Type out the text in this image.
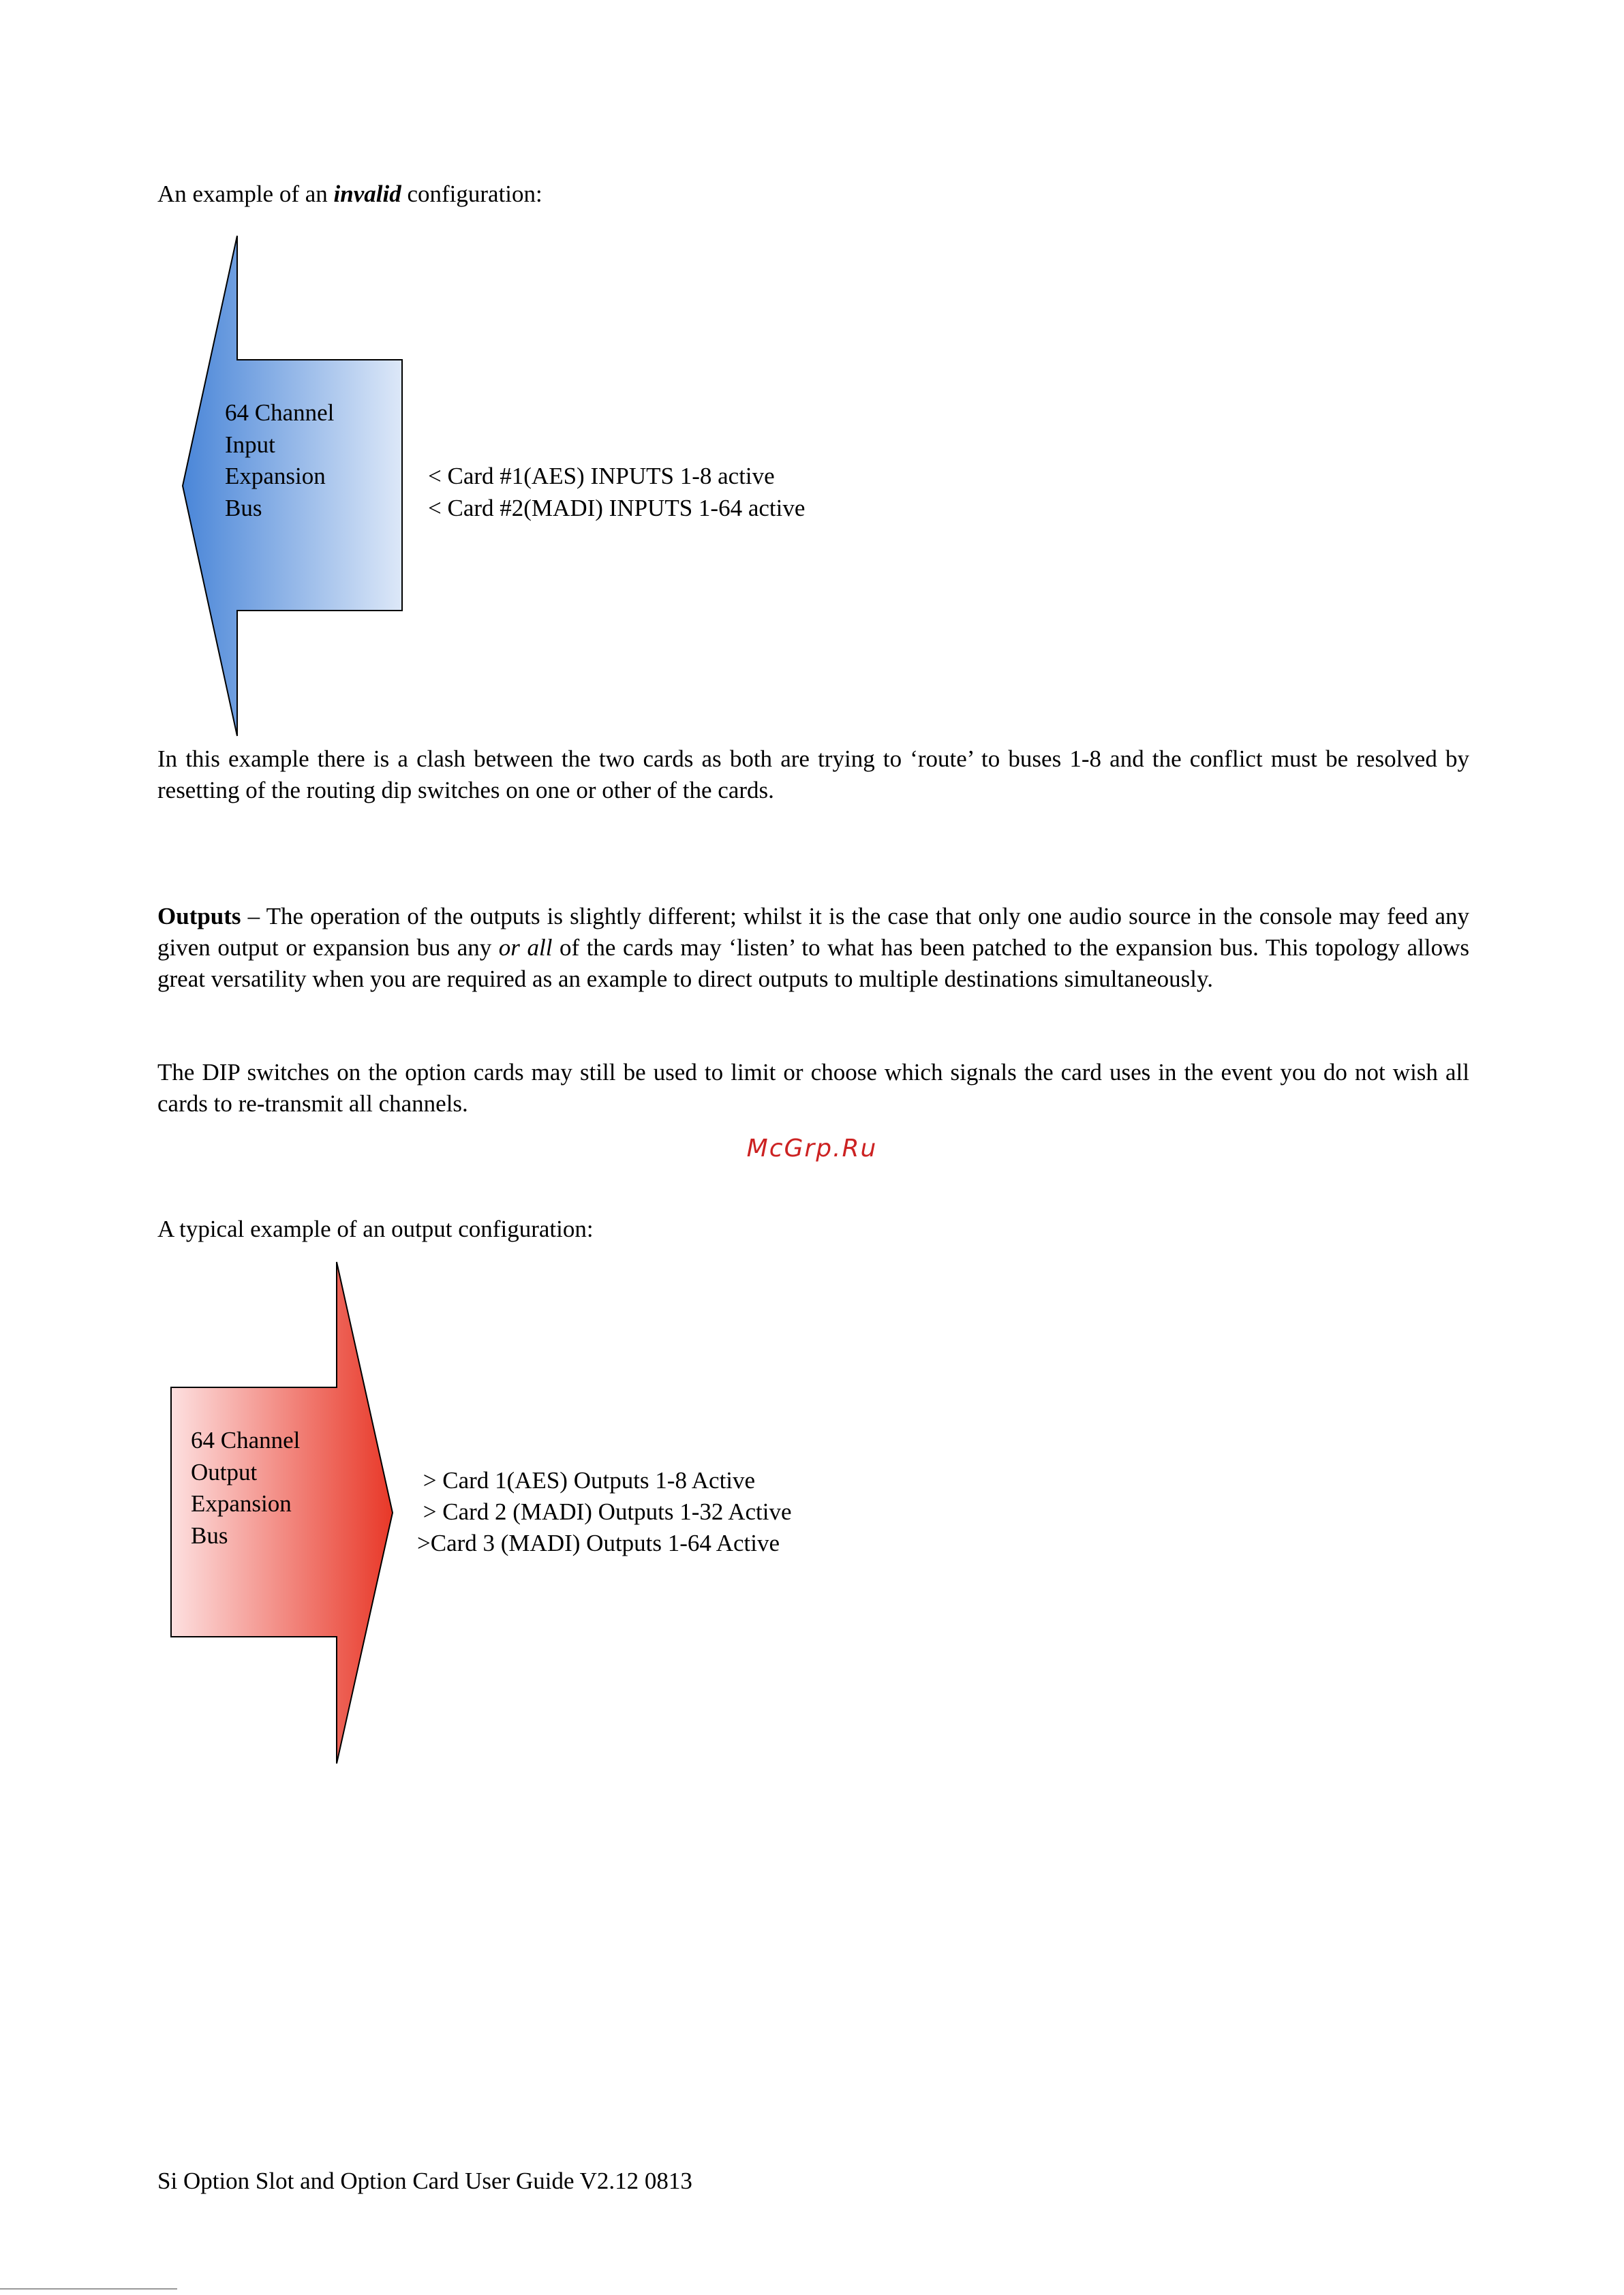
An example of an invalid configuration:

64 Channel
Input
Expansion
Bus
< Card #1(AES) INPUTS 1-8 active
< Card #2(MADI) INPUTS 1-64 active

In this example there is a clash between the two cards as both are trying to ‘route’ to buses 1-8 and the conflict must be resolved by resetting of the routing dip switches on one or other of the cards.

Outputs – The operation of the outputs is slightly different; whilst it is the case that only one audio source in the console may feed any given output or expansion bus any or all of the cards may ‘listen’ to what has been patched to the expansion bus. This topology allows great versatility when you are required as an example to direct outputs to multiple destinations simultaneously.

The DIP switches on the option cards may still be used to limit or choose which signals the card uses in the event you do not wish all cards to re-transmit all channels.

McGrp.Ru

A typical example of an output configuration:

64 Channel
Output
Expansion
Bus
> Card 1(AES) Outputs 1-8 Active
> Card 2 (MADI) Outputs 1-32 Active
>Card 3 (MADI) Outputs 1-64 Active
Si Option Slot and Option Card User Guide V2.12 0813
